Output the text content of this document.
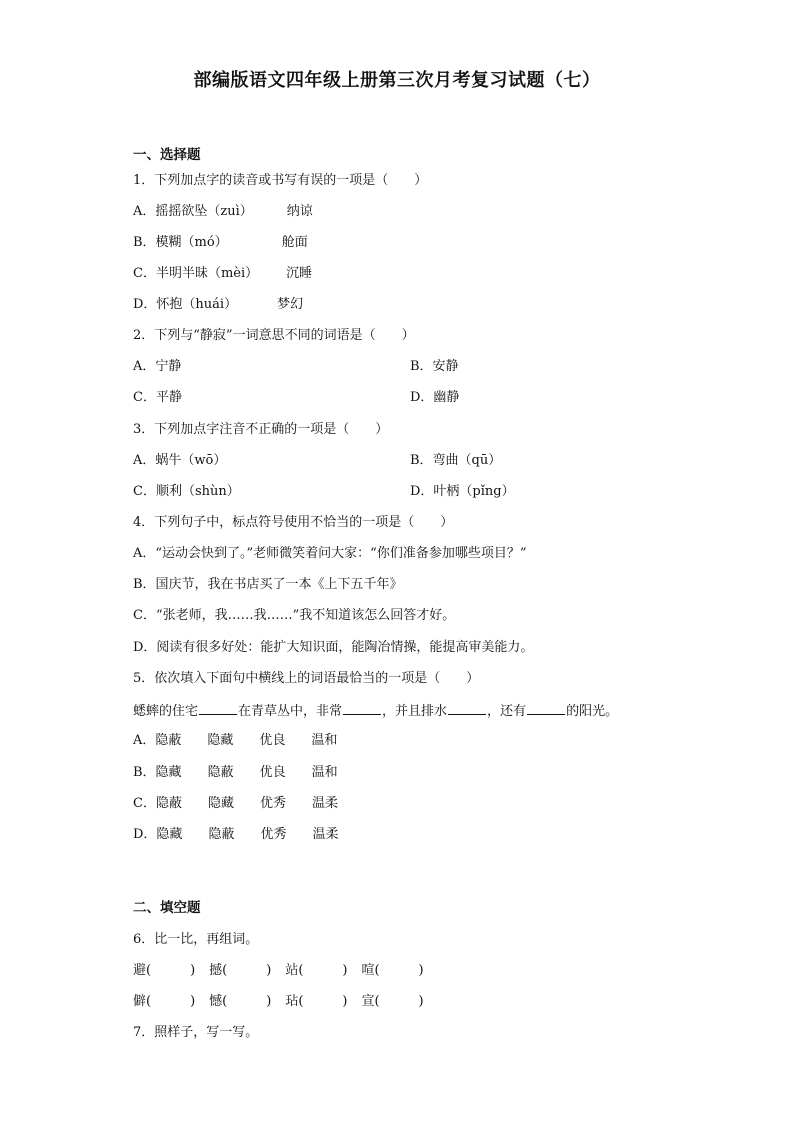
部编版语文四年级上册第三次月考复习试题（七）
一、选择题
1．下列加点字的读音或书写有误的一项是（　　）
A．摇摇欲坠（zuì）	纳谅
B．模糊（mó）	舱面
C．半明半昧（mèi） 沉睡
D．怀抱（huái）	梦幻
2．下列与“静寂”一词意思不同的词语是（　　）
A．宁静	B．安静
C．平静	D．幽静
3．下列加点字注音不正确的一项是（　　）
A．蜗牛（wō）	B．弯曲（qū）
C．顺利（shùn）	D．叶柄（pǐng）
4．下列句子中，标点符号使用不恰当的一项是（　　）
A．“运动会快到了。”老师微笑着问大家：“你们准备参加哪些项目？”
B．国庆节，我在书店买了一本《上下五千年》
C．“张老师，我……我……”我不知道该怎么回答才好。
D．阅读有很多好处：能扩大知识面，能陶冶情操，能提高审美能力。
5．依次填入下面句中横线上的词语最恰当的一项是（　　）
蟋蟀的住宅	在青草丛中，非常	，并且排水	，还有	的阳光。
A．隐蔽 隐藏 优良 温和
B．隐藏 隐蔽 优良 温和
C．隐蔽 隐藏 优秀 温柔
D．隐藏 隐蔽 优秀 温柔
二、填空题
6．比一比，再组词。
避(　　　) 撼(　　　) 站(　　　) 喧(　　　)
僻(　　　) 憾(　　　) 玷(　　　) 宣(　　　)
7．照样子，写一写。
